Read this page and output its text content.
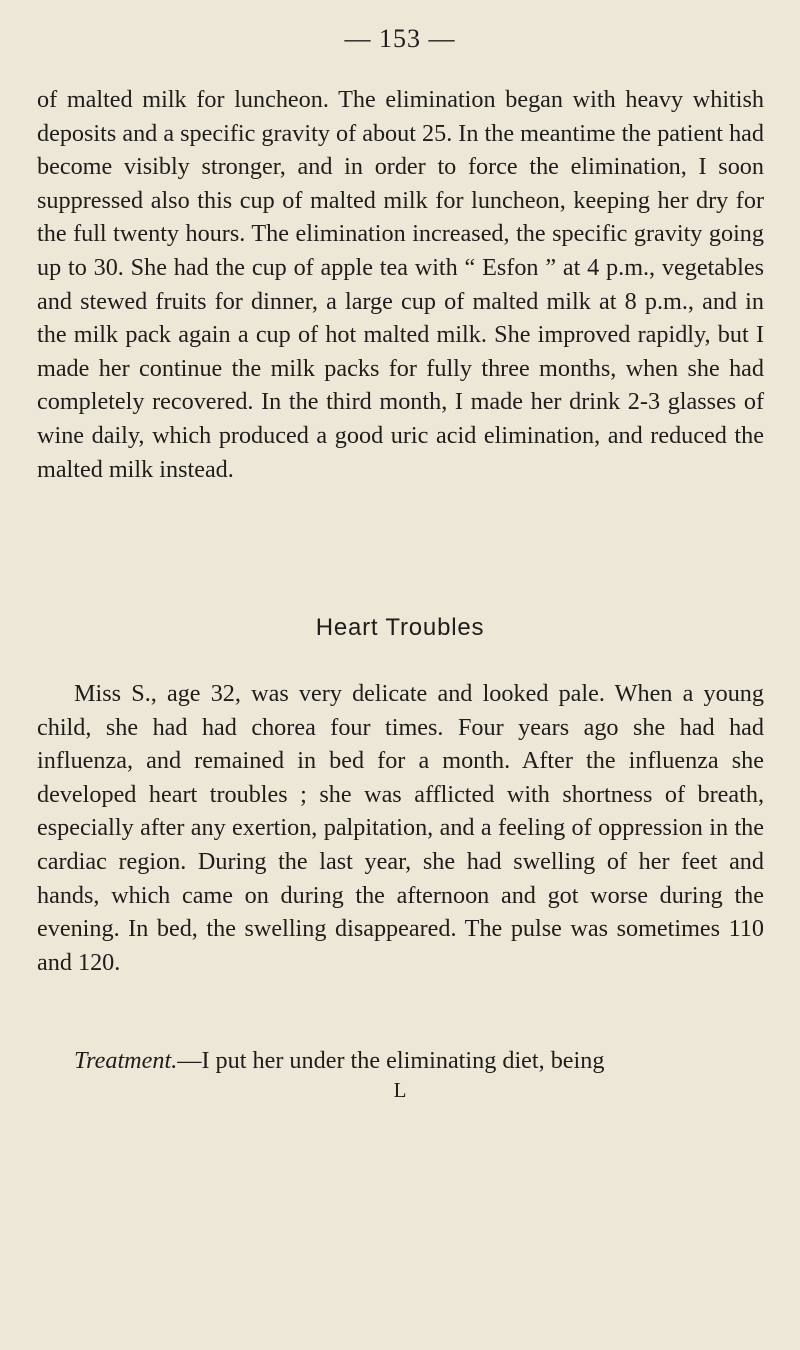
— 153 —

of malted milk for luncheon. The elimination began with heavy whitish deposits and a specific gravity of about 25. In the meantime the patient had become visibly stronger, and in order to force the elimination, I soon suppressed also this cup of malted milk for luncheon, keeping her dry for the full twenty hours. The elimination increased, the specific gravity going up to 30. She had the cup of apple tea with “ Esfon ” at 4 p.m., vegetables and stewed fruits for dinner, a large cup of malted milk at 8 p.m., and in the milk pack again a cup of hot malted milk. She improved rapidly, but I made her continue the milk packs for fully three months, when she had completely recovered. In the third month, I made her drink 2-3 glasses of wine daily, which produced a good uric acid elimination, and reduced the malted milk instead.

Heart Troubles

Miss S., age 32, was very delicate and looked pale. When a young child, she had had chorea four times. Four years ago she had had influenza, and remained in bed for a month. After the influenza she developed heart troubles ; she was afflicted with shortness of breath, especially after any exertion, palpitation, and a feeling of oppression in the cardiac region. During the last year, she had swelling of her feet and hands, which came on during the afternoon and got worse during the evening. In bed, the swelling disappeared. The pulse was sometimes 110 and 120.

Treatment.—I put her under the eliminating diet, being

L
